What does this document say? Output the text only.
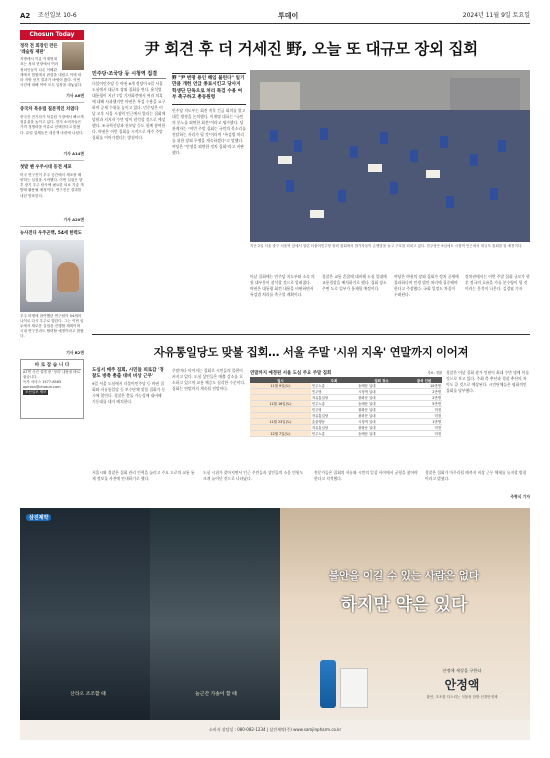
A2 조선일보 10-6	투데이	2024년 11월 9일 토요일
Chosun Today
정작 전 회장인 만든 '레슬링 재판'
지방에서 이유 이재명대표는 정치 현장에서 여러 정치인들이 나온 이해관계에서 법원에서 판결을 내렸고 이에 따라 지방 선거 결과가 바뀌어 왔다. 이번 사건에 대해 여야 모두 입장을 내놓았다.
기사 A6면
중국차 북유럽 질본적인 치엽다
중국산 전기차가 북유럽 시장에서 빠르게 점유율을 높이고 있다. 현지 소비자들은 가격 경쟁력을 이유로 선택한다고 밝혔다. 유럽 업체들은 대응책 마련에 나섰다.
기사 A14면
첫발 뗀 우주시대 동전 세포
미국 연구진이 우주 공간에서 세포를 배양하는 실험을 시작했다. 이번 실험은 향후 장기 우주 탐사에 필요한 의료 기술 개발에 활용될 예정이다. 연구진은 결과를 내년 발표한다.
기사 A20면
뉴사전다 우주곤핵, 54세 한력도
우주 비행에 참여했던 연구원이 54세의 나이로 다시 우주로 향한다. 그는 이번 임무에서 새로운 실험을 진행할 계획이며 국내 연구진과도 협력할 예정이라고 밝혔다.
기사 B2면
바 로 잡 습 니 다
A7면 사진 설명 중 '정리' 내용을 바로잡습니다.
독자 서비스 1577-8585
opinion@chosun.com
조선일보 제보
尹 회견 후 더 거세진 野, 오늘 또 대규모 장외 집회
민주당·조국당 등 시청역 집결
더불어민주당 등 야권 6개 정당이 9일 서울 도심에서 대규모 장외 집회를 연다. 윤석열 대통령이 지난 7일 기자회견에서 여러 의혹에 대해 사과했지만 야권은 특검 수용을 요구하며 공세 수위를 높이고 있다. 민주당은 이날 오후 서울 시청역 인근에서 열리는 집회에 당원과 지지자 수만 명이 참석할 것으로 예상했다. 조국혁신당과 진보당 등도 함께 참여한다. 야권은 이번 집회를 시작으로 매주 주말 집회를 이어가겠다는 방침이다.
野 "尹 변명 용인 해임 불린다" 일기만큼 개헌 언급 종료시킨고 당사지 학생단 단독으로 처리 특검 수용 여부 촉구하고 총동원령
민주당 지도부는 회견 직후 긴급 회의를 열고 대응 방향을 논의했다. 이재명 대표는 "국민의 분노를 외면한 회견"이라고 평가했다. 당 관계자는 "이번 주말 집회는 국민의 목소리를 전달하는 자리가 될 것"이라며 "특검법 처리를 위한 장외 투쟁을 계속하겠다"고 말했다. 여당은 "민생을 외면한 정치 집회"라고 비판했다.
지난 2일 서울 중구 서울역 앞에서 열린 더불어민주당 장외 집회에서 참가자들이 손팻말을 들고 구호를 외치고 있다. 민주당은 9일에도 시청역 인근에서 대규모 집회를 열 예정이다.
이날 집회에는 민주당 지도부와 소속 의원 대부분이 참석할 것으로 알려졌다. 야권은 대통령 회견 내용을 비판하면서 특검법 처리를 촉구할 계획이다.
경찰은 교통 혼잡에 대비해 도심 일대에 교통경찰을 배치하기로 했다. 집회 장소 주변 도로 일부가 통제될 예정이다.
여당은 야권의 장외 집회가 정치 공세에 불과하다며 민생 법안 처리에 집중해야 한다고 주장했다. 국회 일정도 차질이 우려된다.
정치권에서는 이번 주말 집회 규모가 향후 정국의 흐름을 가를 분수령이 될 것이라는 분석이 나온다. 김경필 기자
자유통일당도 맞불 집회… 서울 주말 '시위 지옥' 연말까지 이어져
도심서 매주 집회, 시민들 피로감 '경찰도 방축 총출 대비 비상 근무'
9일 서울 도심에서 더불어민주당 등 야권 집회와 자유통일당 등 보수단체 맞불 집회가 동시에 열린다. 경찰은 충돌 가능성에 대비해 기동대를 대거 배치한다.
주말마다 이어지는 집회로 시민들의 불편이 커지고 있다. 도심 상인들은 매출 감소를 호소하고 있으며 교통 체증도 심각한 수준이다. 집회는 연말까지 계속될 전망이다.
연말까지 예정된 서울 도심 주요 주말 집회	자료: 경찰
일시	주최	집회 장소	참석 인원
11월 9일(토)	민주노총	숭례문 일대	10만명
	민주당	시청역 일대	2만명
	자유통일당	광화문 일대	2만명
11월 16일(토)	민주노총	숭례문 일대	5만명
	민주당	광화문 일대	미정
	자유통일당	광화문 일대	미정
11월 23일(토)	촛불행동	시청역 일대	1만명
	자유통일당	광화문 일대	미정
12월 7일(토)	민주노총	숭례문 일대	미정
경찰은 이날 집회 참가 인원이 최대 수만 명에 이를 것으로 보고 있다. 주최 측 추산과 경찰 추산의 차이도 클 것으로 예상된다. 시민단체들은 평화적인 집회를 당부했다.
서울시와 경찰은 집회 관리 인력을 늘리고 주요 도로의 교통 통제 정보를 사전에 안내하기로 했다.
도심 시위가 잦아지면서 인근 주민들과 상인들의 소음 민원도 크게 늘어난 것으로 나타났다.
전문가들은 집회의 자유와 시민의 일상 사이에서 균형을 찾아야 한다고 지적했다.
경찰은 집회가 마무리될 때까지 비상 근무 체제를 유지할 방침이라고 밝혔다.
주형식 기자
삼진제약
산라오 조조할 때	늘근간 가솔이 할 때
불안을 이길 수 있는 사람은 없다
하지만 약은 있다
안정에 세상을 구한다
안정액
불안, 초조를 다스리는 식물성 한방 신경안정제
소비자 상담실 : 080-082-1234 | 삼진제약(주) www.samjinpharm.co.kr
